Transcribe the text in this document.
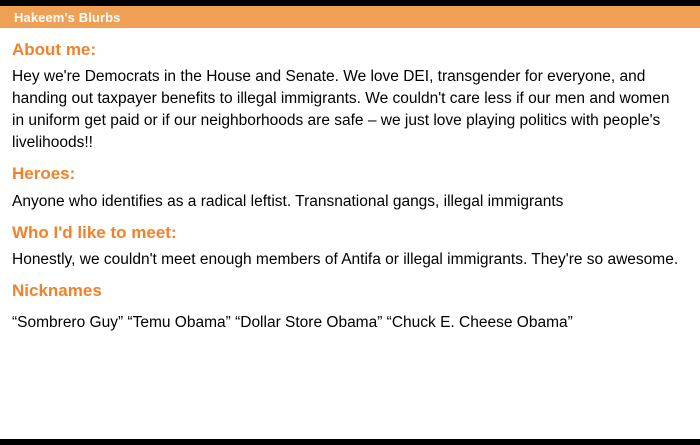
Hakeem's Blurbs
About me:

Hey we're Democrats in the House and Senate. We love DEI, transgender for everyone, and handing out taxpayer benefits to illegal immigrants. We couldn't care less if our men and women in uniform get paid or if our neighborhoods are safe – we just love playing politics with people's livelihoods!!

Heroes:

Anyone who identifies as a radical leftist. Transnational gangs, illegal immigrants

Who I'd like to meet:

Honestly, we couldn't meet enough members of Antifa or illegal immigrants. They're so awesome.

Nicknames

“Sombrero Guy” “Temu Obama” “Dollar Store Obama” “Chuck E. Cheese Obama”
